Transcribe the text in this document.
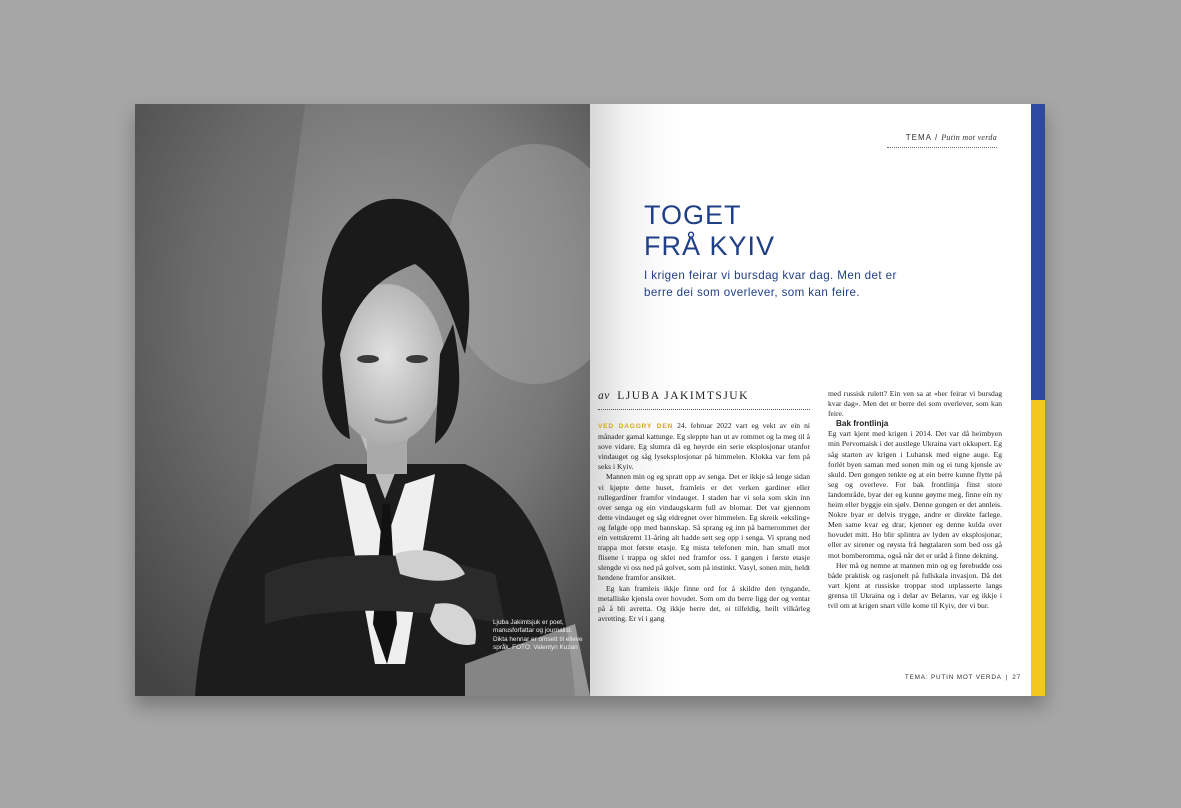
Ljuba Jakimtsjuk er poet, manusforfattar og journalist. Dikta hennar er omsett til elleve språk. FOTO: Valentyn Kuzan
TEMA / Putin mot verda
TOGET
FRÅ KYIV
I krigen feirar vi bursdag kvar dag. Men det er berre dei som overlever, som kan feire.
av LJUBA JAKIMTSJUK

VED DAGGRY DEN 24. februar 2022 vart eg vekt av ein ni månader gamal kattunge. Eg sleppte han ut av rommet og la meg til å sove vidare. Eg slumra då eg høyrde ein serie eksplosjonar utanfor vindauget og såg lyseksplosjonar på himmelen. Klokka var fem på seks i Kyiv.

Mannen min og eg spratt opp av senga. Det er ikkje så lenge sidan vi kjøpte dette huset, framleis er det verken gardiner eller rullegardiner framfor vindauget. I staden har vi sola som skin inn over senga og ein vindaugskarm full av blomar. Det var gjennom dette vindauget eg såg eldregnet over himmelen. Eg skreik «eksling» og følgde opp med bannskap. Så sprang eg inn på barnerommet der ein vettskremt 11-åring alt hadde sett seg opp i senga. Vi sprang ned trappa mot første etasje. Eg mista telefonen min, han small mot flisene i trappa og sklei ned framfor oss. I gangen i første etasje slengde vi oss ned på golvet, som på instinkt. Vasyl, sonen min, heldt hendene framfor ansiktet.

Eg kan framleis ikkje finne ord for å skildre den tyngande, metalliske kjensla over hovudet. Som om du berre ligg der og ventar på å bli avretta. Og ikkje berre det, ei tilfeldig, heilt vilkårleg avretting. Er vi i gang

med russisk rulett? Ein ven sa at «her feirar vi bursdag kvar dag». Men det er berre dei som overlever, som kan feire.

Bak frontlinja

Eg vart kjent med krigen i 2014. Det var då heimbyen min Pervomaisk i det austlege Ukraina vart okkupert. Eg såg starten av krigen i Luhansk med eigne auge. Eg forlét byen saman med sonen min og ei tung kjensle av skuld. Den gongen tenkte eg at ein berre kunne flytte på seg og overleve. For bak frontlinja finst store landområde, byar der eg kunne gøyme meg, finne ein ny heim eller byggje ein sjølv. Denne gongen er det annleis. Nokre byar er delvis trygge, andre er direkte farlege. Men same kvar eg drar, kjenner eg denne kulda over hovudet mitt. Ho blir splintra av lyden av eksplosjonar, eller av sirener og røysta frå høgtalaren som bed oss gå mot bomberomma, også når det er uråd å finne dekning.

Her må eg nemne at mannen min og eg førebudde oss både praktisk og rasjonelt på fullskala invasjon. Då det vart kjent at russiske troppar stod utplasserte langs grensa til Ukraina og i delar av Belarus, var eg ikkje i tvil om at krigen snart ville kome til Kyiv, der vi bur.

TEMA: PUTIN MOT VERDA | 27
